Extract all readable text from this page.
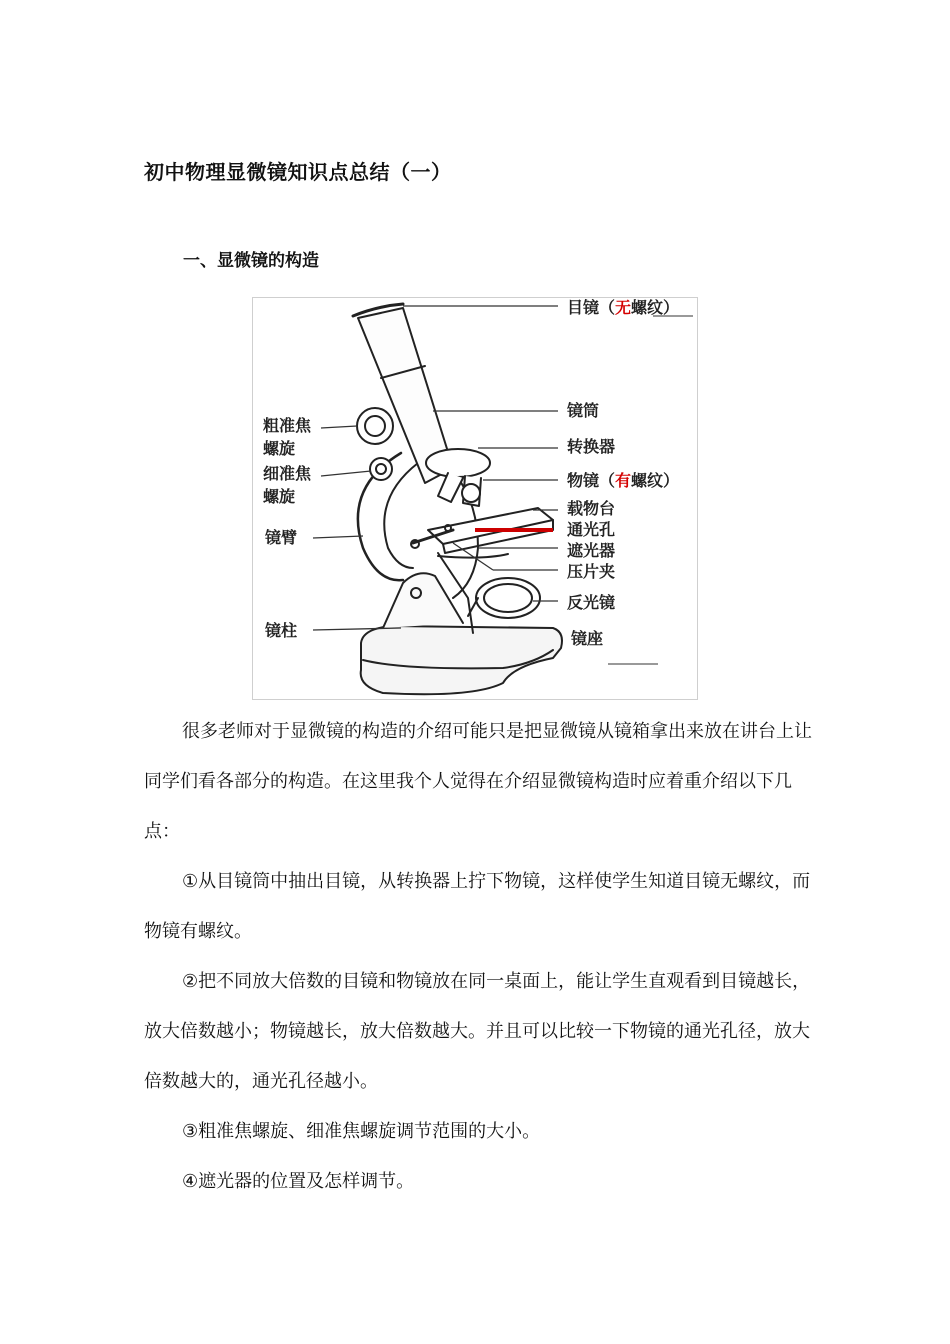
初中物理显微镜知识点总结（一）
一、显微镜的构造
目镜（无螺纹）
镜筒
转换器
物镜（有螺纹）
载物台
通光孔
遮光器
压片夹
反光镜
镜座
粗准焦
螺旋
细准焦
螺旋
镜臂
镜柱

很多老师对于显微镜的构造的介绍可能只是把显微镜从镜箱拿出来放在讲台上让同学们看各部分的构造。在这里我个人觉得在介绍显微镜构造时应着重介绍以下几点：

①从目镜筒中抽出目镜，从转换器上拧下物镜，这样使学生知道目镜无螺纹，而物镜有螺纹。

②把不同放大倍数的目镜和物镜放在同一桌面上，能让学生直观看到目镜越长，放大倍数越小；物镜越长，放大倍数越大。并且可以比较一下物镜的通光孔径，放大倍数越大的，通光孔径越小。

③粗准焦螺旋、细准焦螺旋调节范围的大小。

④遮光器的位置及怎样调节。
